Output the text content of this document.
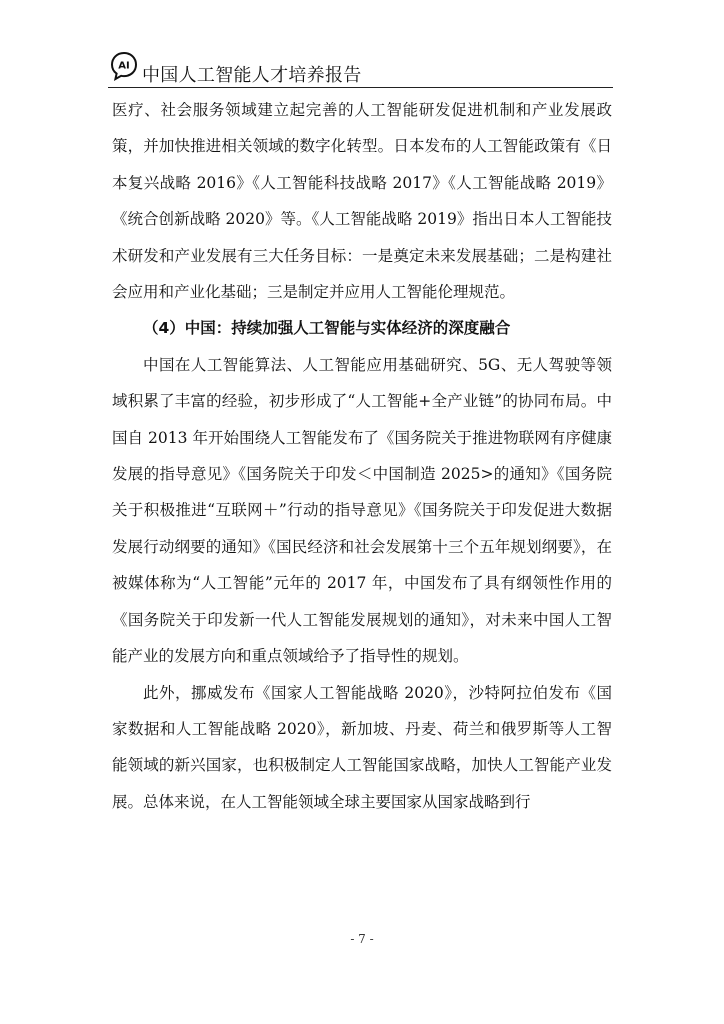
AI 中国人工智能人才培养报告

医疗、社会服务领域建立起完善的人工智能研发促进机制和产业发展政策，并加快推进相关领域的数字化转型。日本发布的人工智能政策有《日本复兴战略 2016》《人工智能科技战略 2017》《人工智能战略 2019》《统合创新战略 2020》等。《人工智能战略 2019》指出日本人工智能技术研发和产业发展有三大任务目标：一是奠定未来发展基础；二是构建社会应用和产业化基础；三是制定并应用人工智能伦理规范。

（4）中国：持续加强人工智能与实体经济的深度融合

中国在人工智能算法、人工智能应用基础研究、5G、无人驾驶等领域积累了丰富的经验，初步形成了“人工智能+全产业链”的协同布局。中国自 2013 年开始围绕人工智能发布了《国务院关于推进物联网有序健康发展的指导意见》《国务院关于印发＜中国制造 2025>的通知》《国务院关于积极推进“互联网＋”行动的指导意见》《国务院关于印发促进大数据发展行动纲要的通知》《国民经济和社会发展第十三个五年规划纲要》，在被媒体称为“人工智能”元年的 2017 年，中国发布了具有纲领性作用的《国务院关于印发新一代人工智能发展规划的通知》，对未来中国人工智能产业的发展方向和重点领域给予了指导性的规划。

此外，挪威发布《国家人工智能战略 2020》，沙特阿拉伯发布《国家数据和人工智能战略 2020》，新加坡、丹麦、荷兰和俄罗斯等人工智能领域的新兴国家，也积极制定人工智能国家战略，加快人工智能产业发展。总体来说，在人工智能领域全球主要国家从国家战略到行

- 7 -
